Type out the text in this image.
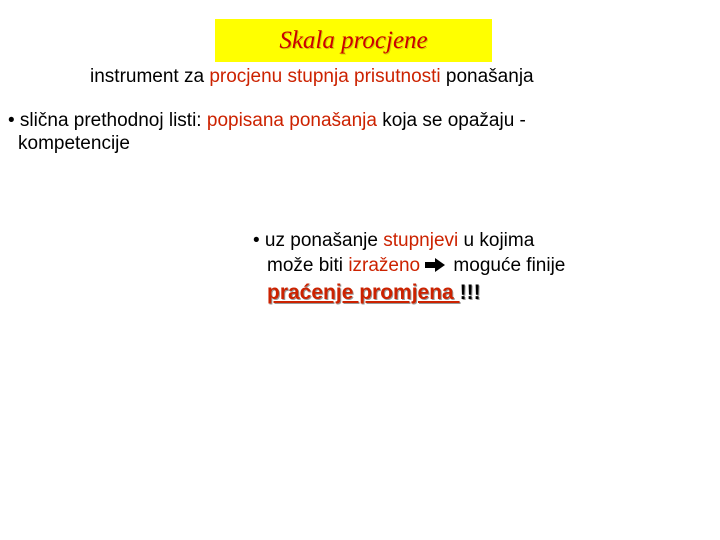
Skala procjene
instrument za procjenu stupnja prisutnosti ponašanja
• slična prethodnoj listi: popisana ponašanja koja se opažaju -
kompetencije
• uz ponašanje stupnjevi u kojima
može biti izraženo moguće finije
praćenje promjena !!!
